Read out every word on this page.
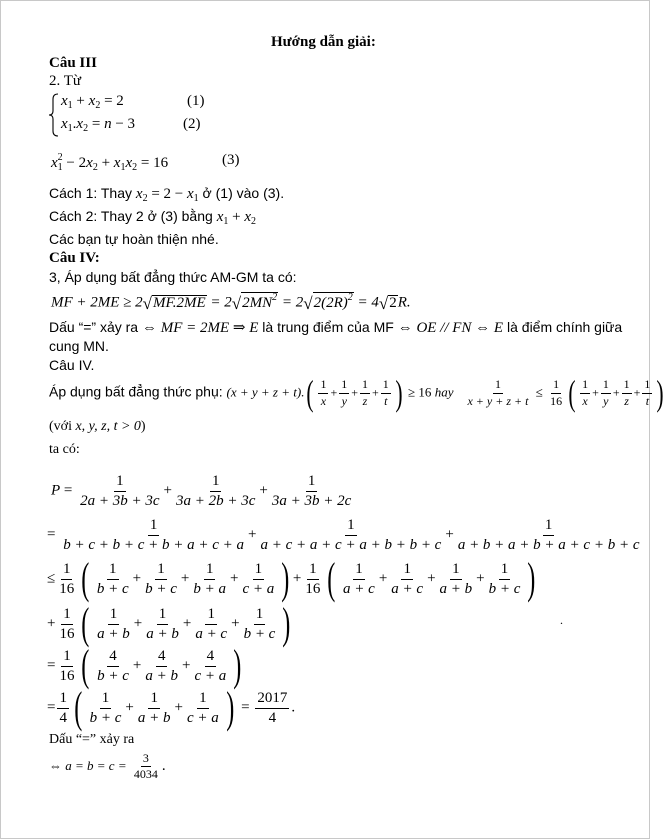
Hướng dẫn giải:
Câu III
2. Từ
$x_1 + x_2 = 2$	(1)
$x_1.x_2 = n - 3$	(2)
$x_1^2 - 2x_2 + x_1x_2 = 16$	(3)
Cách 1: Thay $x_2 = 2 - x_1$ ở (1) vào (3).
Cách 2: Thay 2 ở (3) bằng $x_1 + x_2$
Các bạn tự hoàn thiện nhé.
Câu IV:
3, Áp dụng bất đẳng thức AM-GM ta có:
MF + 2ME ≥ 2 √ MF.2ME = 2 √ $2MN^2 = 2$ √ $2(2R)^2 = 4$ √ 2 R.
Dấu “=” xảy ra ⇔ MF = 2ME ⇒ E là trung điểm của MF ⇔ OE // FN ⇔ E là điểm chính giữa
cung MN.
Câu IV.
Áp dụng bất đẳng thức phụ: $(x + y + z + t).( \frac{1}{x} + \frac{1}{y} + \frac{1}{z} + \frac{1}{t}$ ) ≥ 16 hay $\frac{1}{x + y + z + t} \le \frac{1}{16}$ ( $\frac{1}{x} + \frac{1}{y} + \frac{1}{z} + \frac{1}{t}$ )
(với x, y, z, t > 0)
ta có:
$P = \frac{1}{2a + 3b + 3c} + \frac{1}{3a + 2b + 3c} + \frac{1}{3a + 3b + 2c}$
= $\frac{1}{b + c + b + c + b + a + c + a} + \frac{1}{a + c + a + c + a + b + b + c} + \frac{1}{a + b + a + b + a + c + b + c}$
≤ $\frac{1}{16}$ ( $\frac{1}{b + c} + \frac{1}{b + c} + \frac{1}{b + a} + \frac{1}{c + a}$ ) + $\frac{1}{16}$ ( $\frac{1}{a + c} + \frac{1}{a + c} + \frac{1}{a + b} + \frac{1}{b + c}$ )
+ $\frac{1}{16}$ ( $\frac{1}{a + b} + \frac{1}{a + b} + \frac{1}{a + c} + \frac{1}{b + c}$ )	.
= $\frac{1}{16}$ ( $\frac{4}{b + c} + \frac{4}{a + b} + \frac{4}{c + a}$ )
= $\frac{1}{4}$ ( $\frac{1}{b + c} + \frac{1}{a + b} + \frac{1}{c + a}$ ) = $\frac{2017}{4}$ .
Dấu “=” xảy ra
⇔ $a = b = c = \frac{3}{4034}$ .
